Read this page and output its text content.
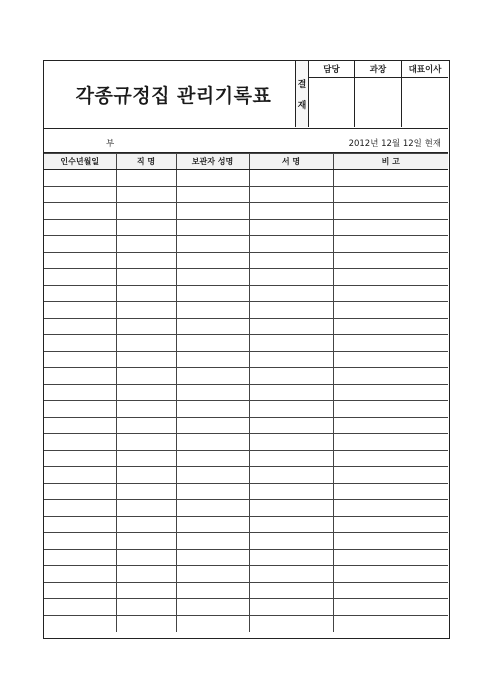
각종규정집 관리기록표	결
재
담당	과장	대표이사
부	2012년 12월 12일 현재
인수년월일	직 명	보관자 성명	서 명	비 고
